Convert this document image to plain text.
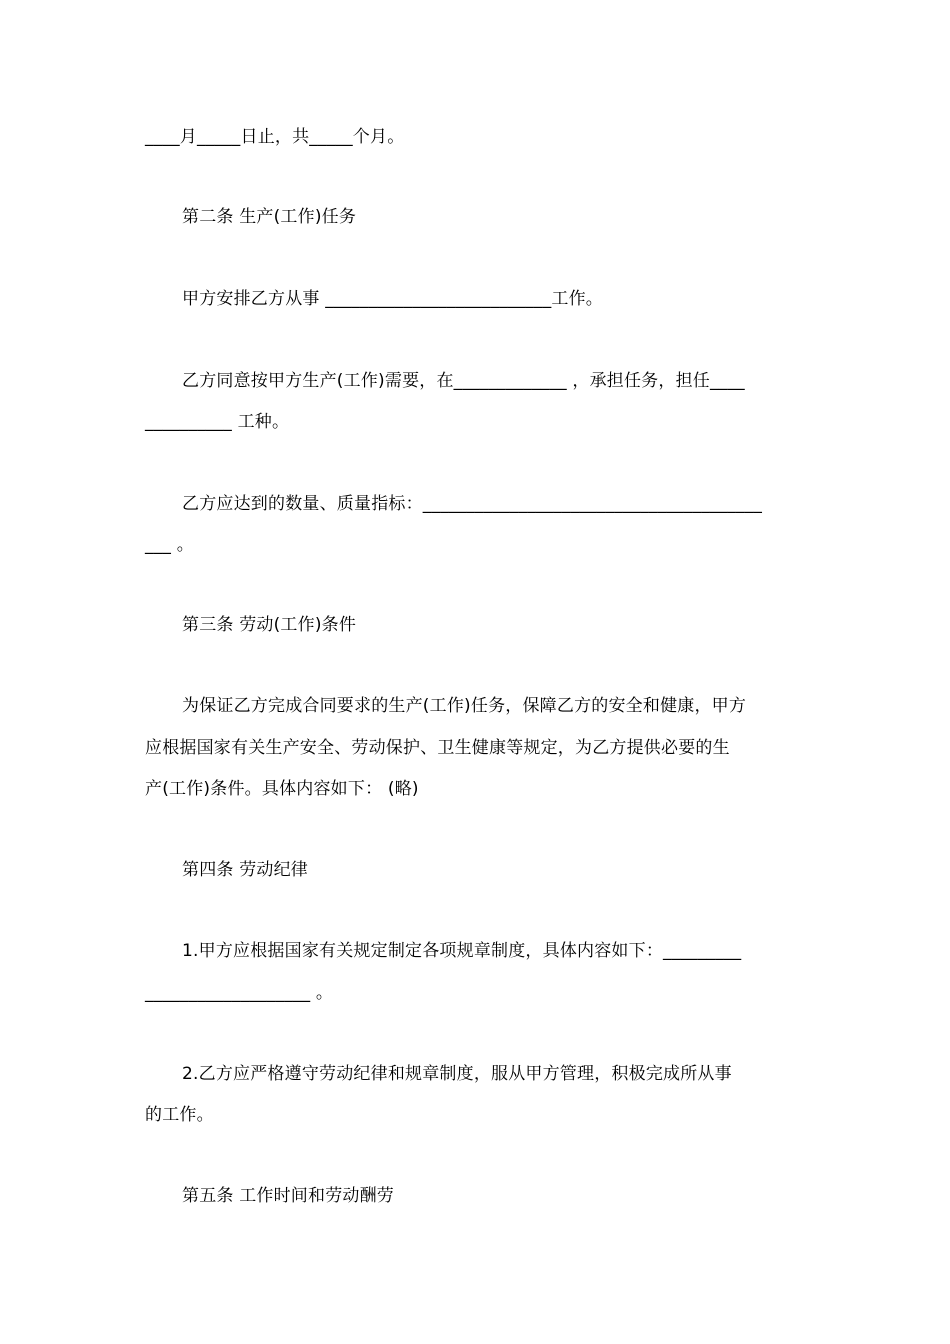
____月_____日止，共_____个月。
第二条 生产(工作)任务
甲方安排乙方从事 __________________________工作。
乙方同意按甲方生产(工作)需要，在_____________ ，承担任务，担任____
__________ 工种。
乙方应达到的数量、质量指标：_______________________________________
___ 。
第三条 劳动(工作)条件
为保证乙方完成合同要求的生产(工作)任务，保障乙方的安全和健康，甲方
应根据国家有关生产安全、劳动保护、卫生健康等规定，为乙方提供必要的生
产(工作)条件。具体内容如下： (略)
第四条 劳动纪律
1.甲方应根据国家有关规定制定各项规章制度，具体内容如下：_________
___________________ 。
2.乙方应严格遵守劳动纪律和规章制度，服从甲方管理，积极完成所从事
的工作。
第五条 工作时间和劳动酬劳
